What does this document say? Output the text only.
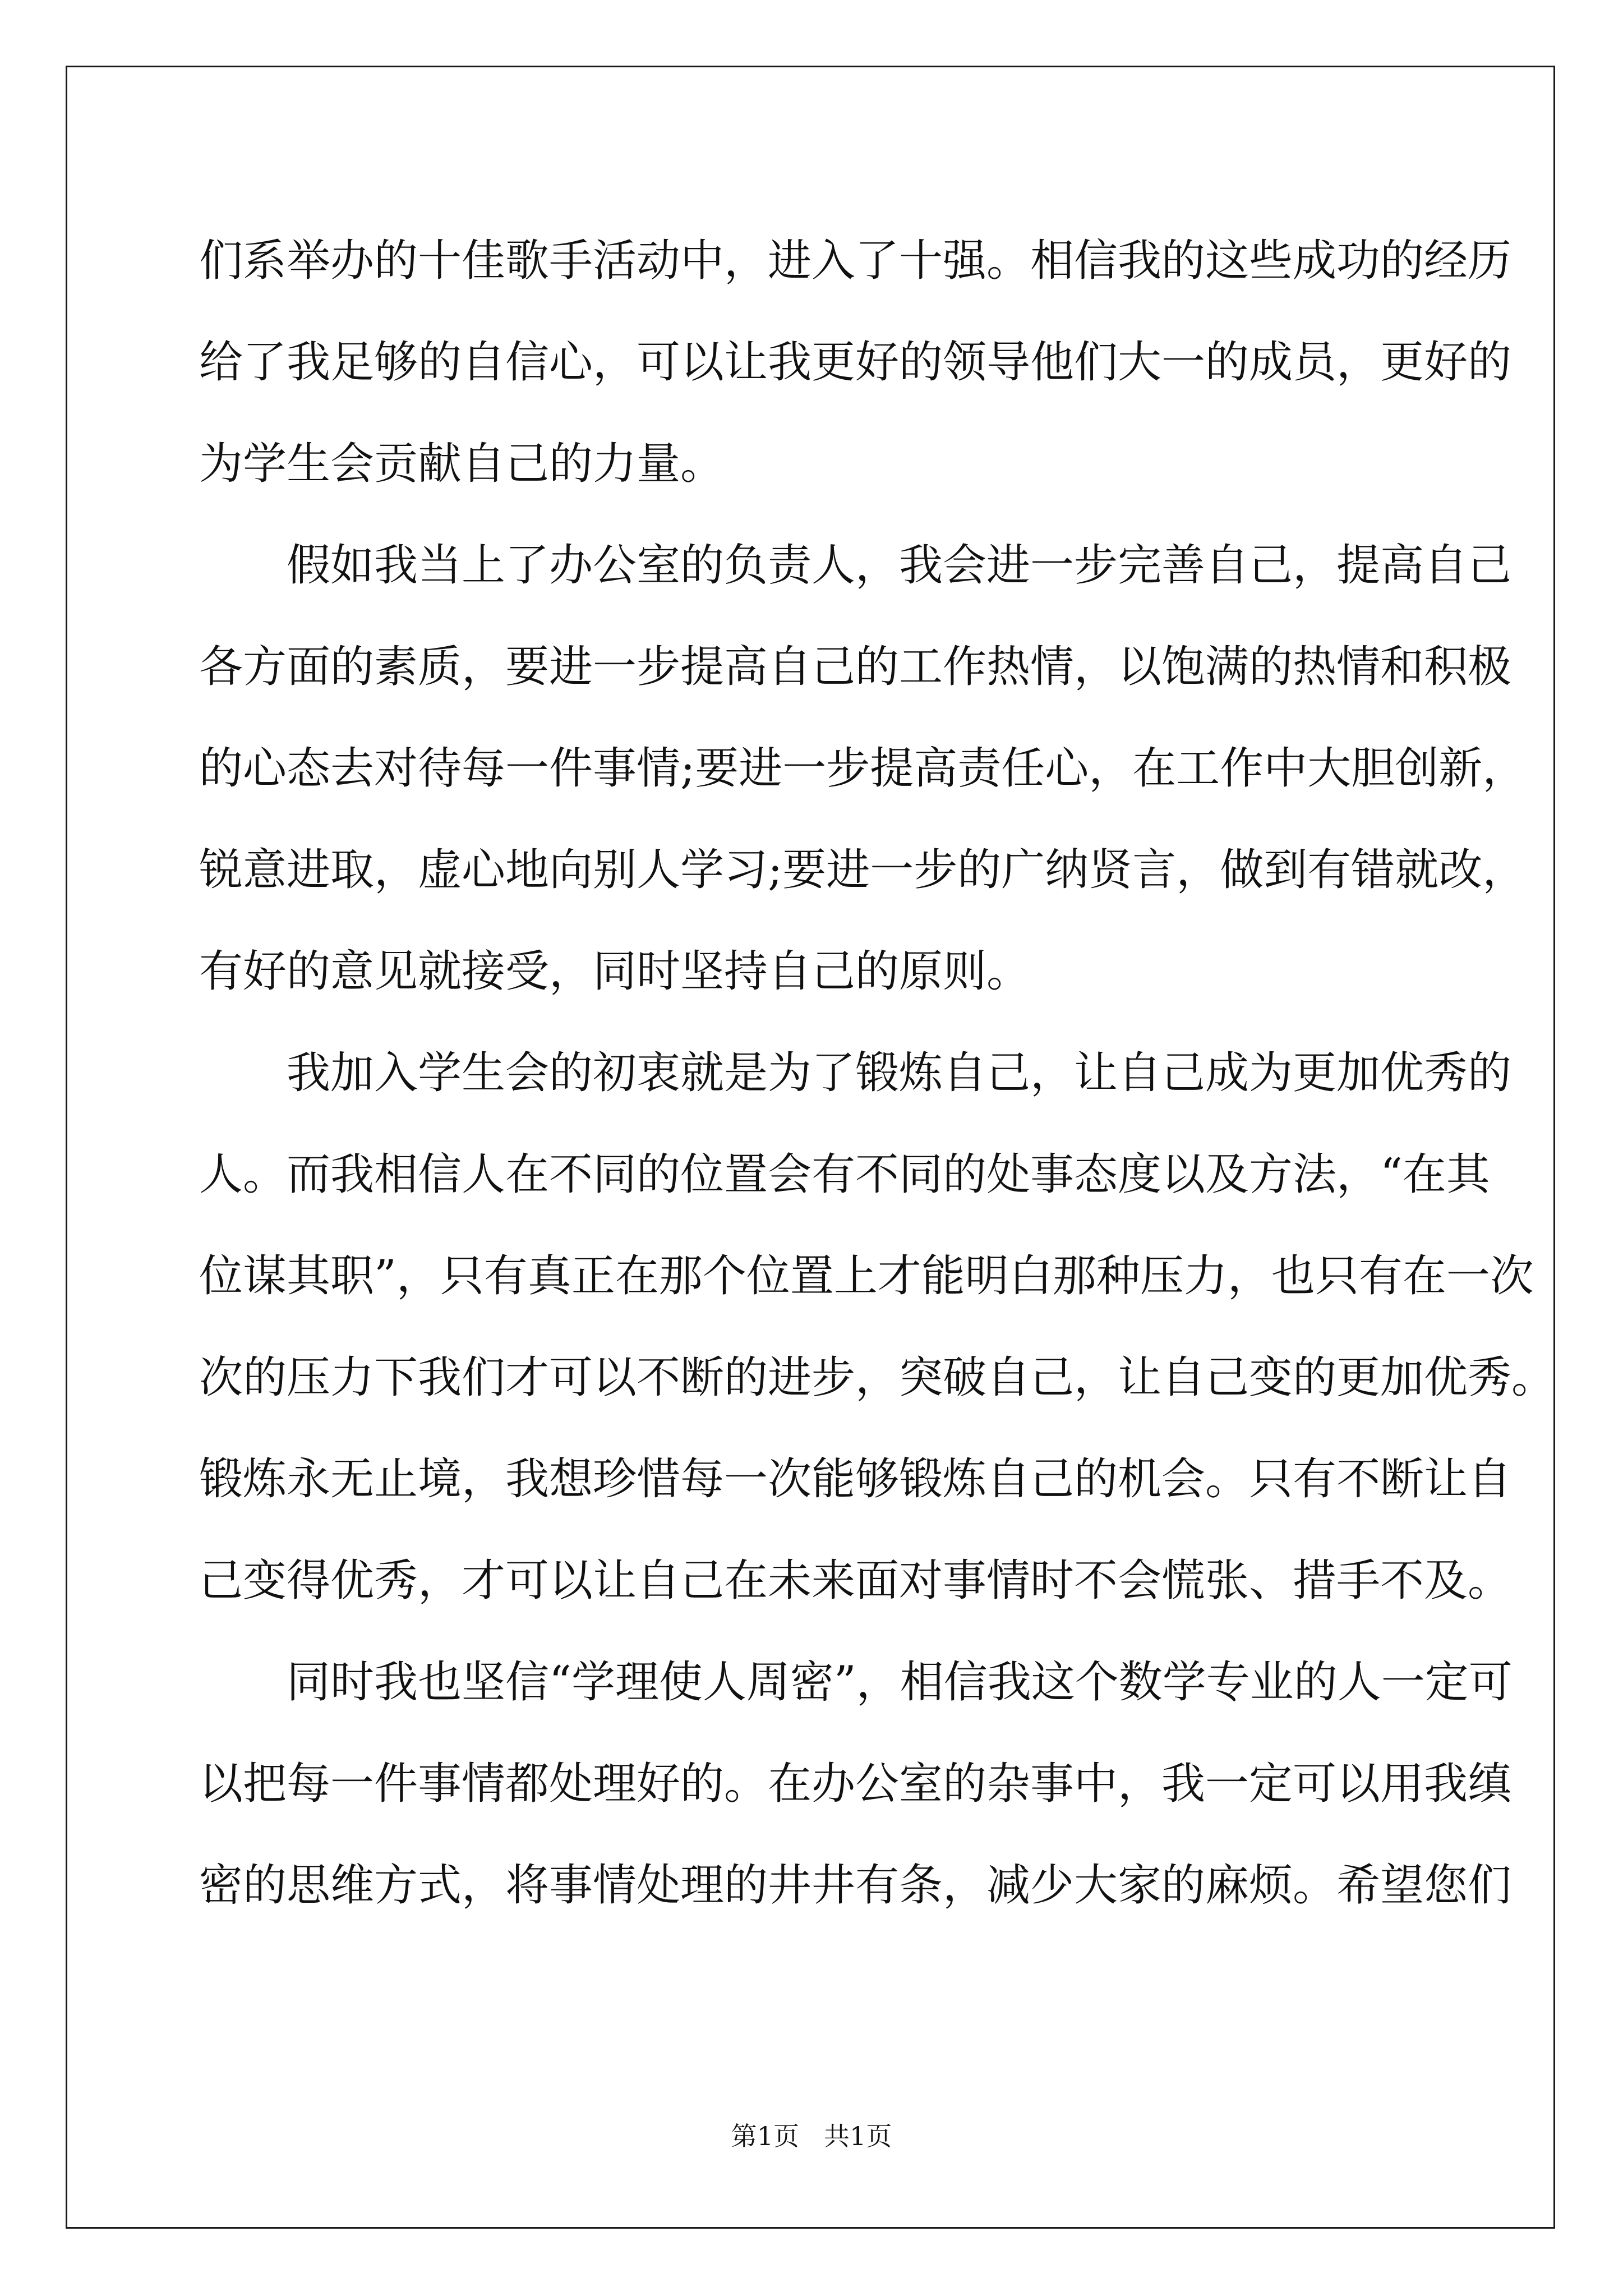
们系举办的十佳歌手活动中，进入了十强。相信我的这些成功的经历
给了我足够的自信心，可以让我更好的领导他们大一的成员，更好的
为学生会贡献自己的力量。
假如我当上了办公室的负责人，我会进一步完善自己，提高自己
各方面的素质，要进一步提高自己的工作热情，以饱满的热情和积极
的心态去对待每一件事情;要进一步提高责任心，在工作中大胆创新，
锐意进取，虚心地向别人学习;要进一步的广纳贤言，做到有错就改，
有好的意见就接受，同时坚持自己的原则。
我加入学生会的初衷就是为了锻炼自己，让自己成为更加优秀的
人。而我相信人在不同的位置会有不同的处事态度以及方法，“在其
位谋其职”，只有真正在那个位置上才能明白那种压力，也只有在一次
次的压力下我们才可以不断的进步，突破自己，让自己变的更加优秀。
锻炼永无止境，我想珍惜每一次能够锻炼自己的机会。只有不断让自
己变得优秀，才可以让自己在未来面对事情时不会慌张、措手不及。
同时我也坚信“学理使人周密”，相信我这个数学专业的人一定可
以把每一件事情都处理好的。在办公室的杂事中，我一定可以用我缜
密的思维方式，将事情处理的井井有条，减少大家的麻烦。希望您们
第1页 共1页
